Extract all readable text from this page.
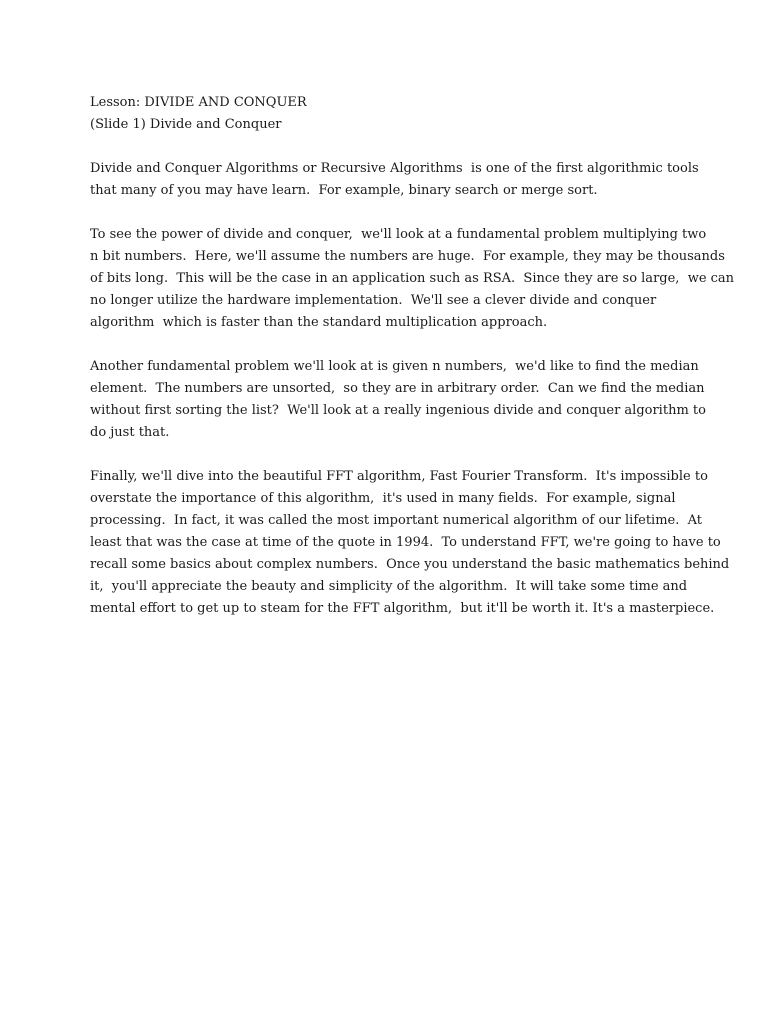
Lesson: DIVIDE AND CONQUER
(Slide 1) Divide and Conquer
Divide and Conquer Algorithms or Recursive Algorithms  is one of the first algorithmic tools
that many of you may have learn.  For example, binary search or merge sort.
To see the power of divide and conquer,  we'll look at a fundamental problem multiplying two
n bit numbers.  Here, we'll assume the numbers are huge.  For example, they may be thousands
of bits long.  This will be the case in an application such as RSA.  Since they are so large,  we can
no longer utilize the hardware implementation.  We'll see a clever divide and conquer
algorithm  which is faster than the standard multiplication approach.
Another fundamental problem we'll look at is given n numbers,  we'd like to find the median
element.  The numbers are unsorted,  so they are in arbitrary order.  Can we find the median
without first sorting the list?  We'll look at a really ingenious divide and conquer algorithm to
do just that.
Finally, we'll dive into the beautiful FFT algorithm, Fast Fourier Transform.  It's impossible to
overstate the importance of this algorithm,  it's used in many fields.  For example, signal
processing.  In fact, it was called the most important numerical algorithm of our lifetime.  At
least that was the case at time of the quote in 1994.  To understand FFT, we're going to have to
recall some basics about complex numbers.  Once you understand the basic mathematics behind
it,  you'll appreciate the beauty and simplicity of the algorithm.  It will take some time and
mental effort to get up to steam for the FFT algorithm,  but it'll be worth it. It's a masterpiece.
